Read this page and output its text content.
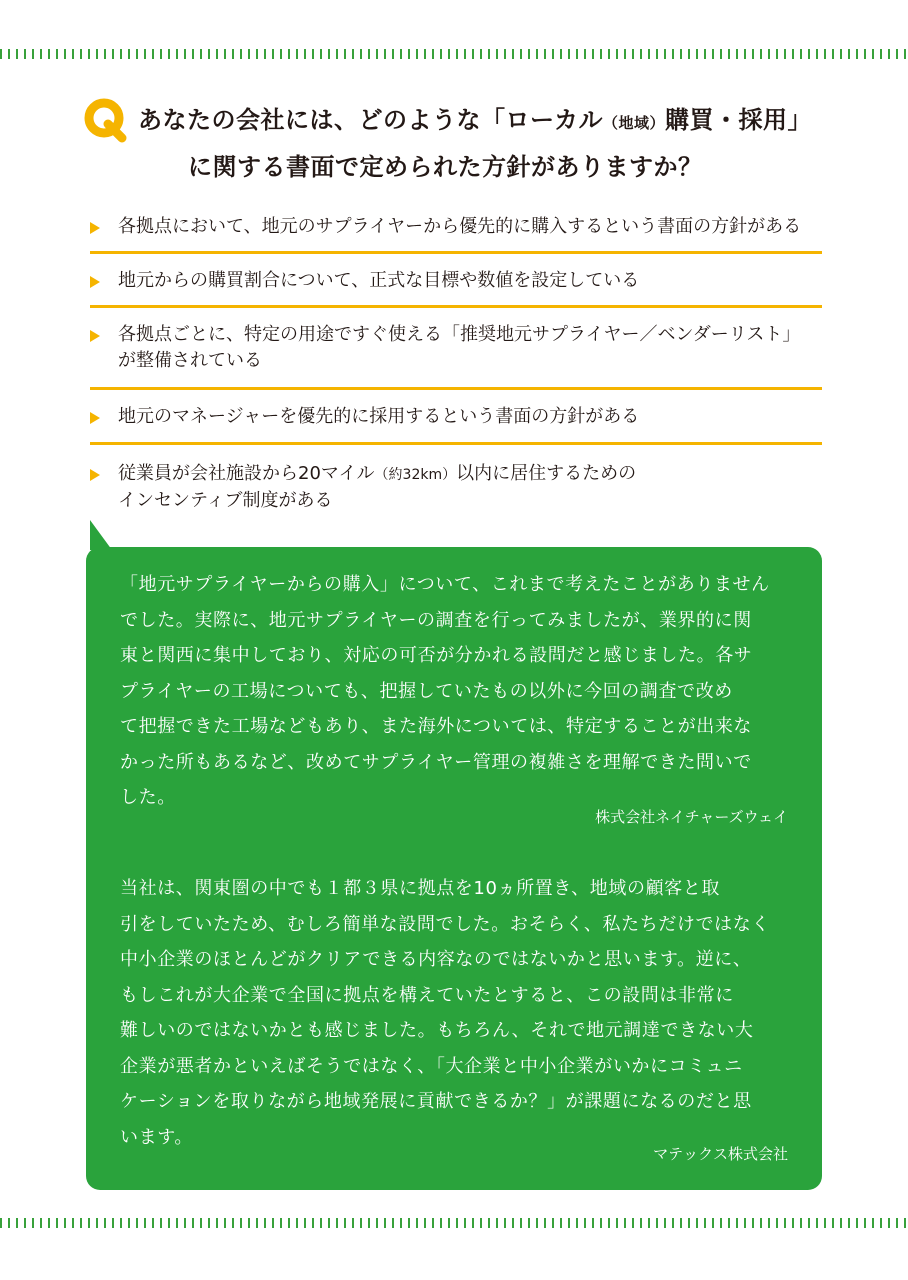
あなたの会社には、どのような「ローカル（地域）購買・採用」
に関する書面で定められた方針がありますか？
各拠点において、地元のサプライヤーから優先的に購入するという書面の方針がある
地元からの購買割合について、正式な目標や数値を設定している
各拠点ごとに、特定の用途ですぐ使える「推奨地元サプライヤー／ベンダーリスト」
が整備されている
地元のマネージャーを優先的に採用するという書面の方針がある
従業員が会社施設から20マイル（約32km）以内に居住するための
インセンティブ制度がある
「地元サプライヤーからの購入」について、これまで考えたことがありません
でした。実際に、地元サプライヤーの調査を行ってみましたが、業界的に関
東と関西に集中しており、対応の可否が分かれる設問だと感じました。各サ
プライヤーの工場についても、把握していたもの以外に今回の調査で改め
て把握できた工場などもあり、また海外については、特定することが出来な
かった所もあるなど、改めてサプライヤー管理の複雑さを理解できた問いで
した。
株式会社ネイチャーズウェイ
当社は、関東圏の中でも１都３県に拠点を10ヵ所置き、地域の顧客と取
引をしていたため、むしろ簡単な設問でした。おそらく、私たちだけではなく
中小企業のほとんどがクリアできる内容なのではないかと思います。逆に、
もしこれが大企業で全国に拠点を構えていたとすると、この設問は非常に
難しいのではないかとも感じました。もちろん、それで地元調達できない大
企業が悪者かといえばそうではなく、「大企業と中小企業がいかにコミュニ
ケーションを取りながら地域発展に貢献できるか？」が課題になるのだと思
います。
マテックス株式会社
